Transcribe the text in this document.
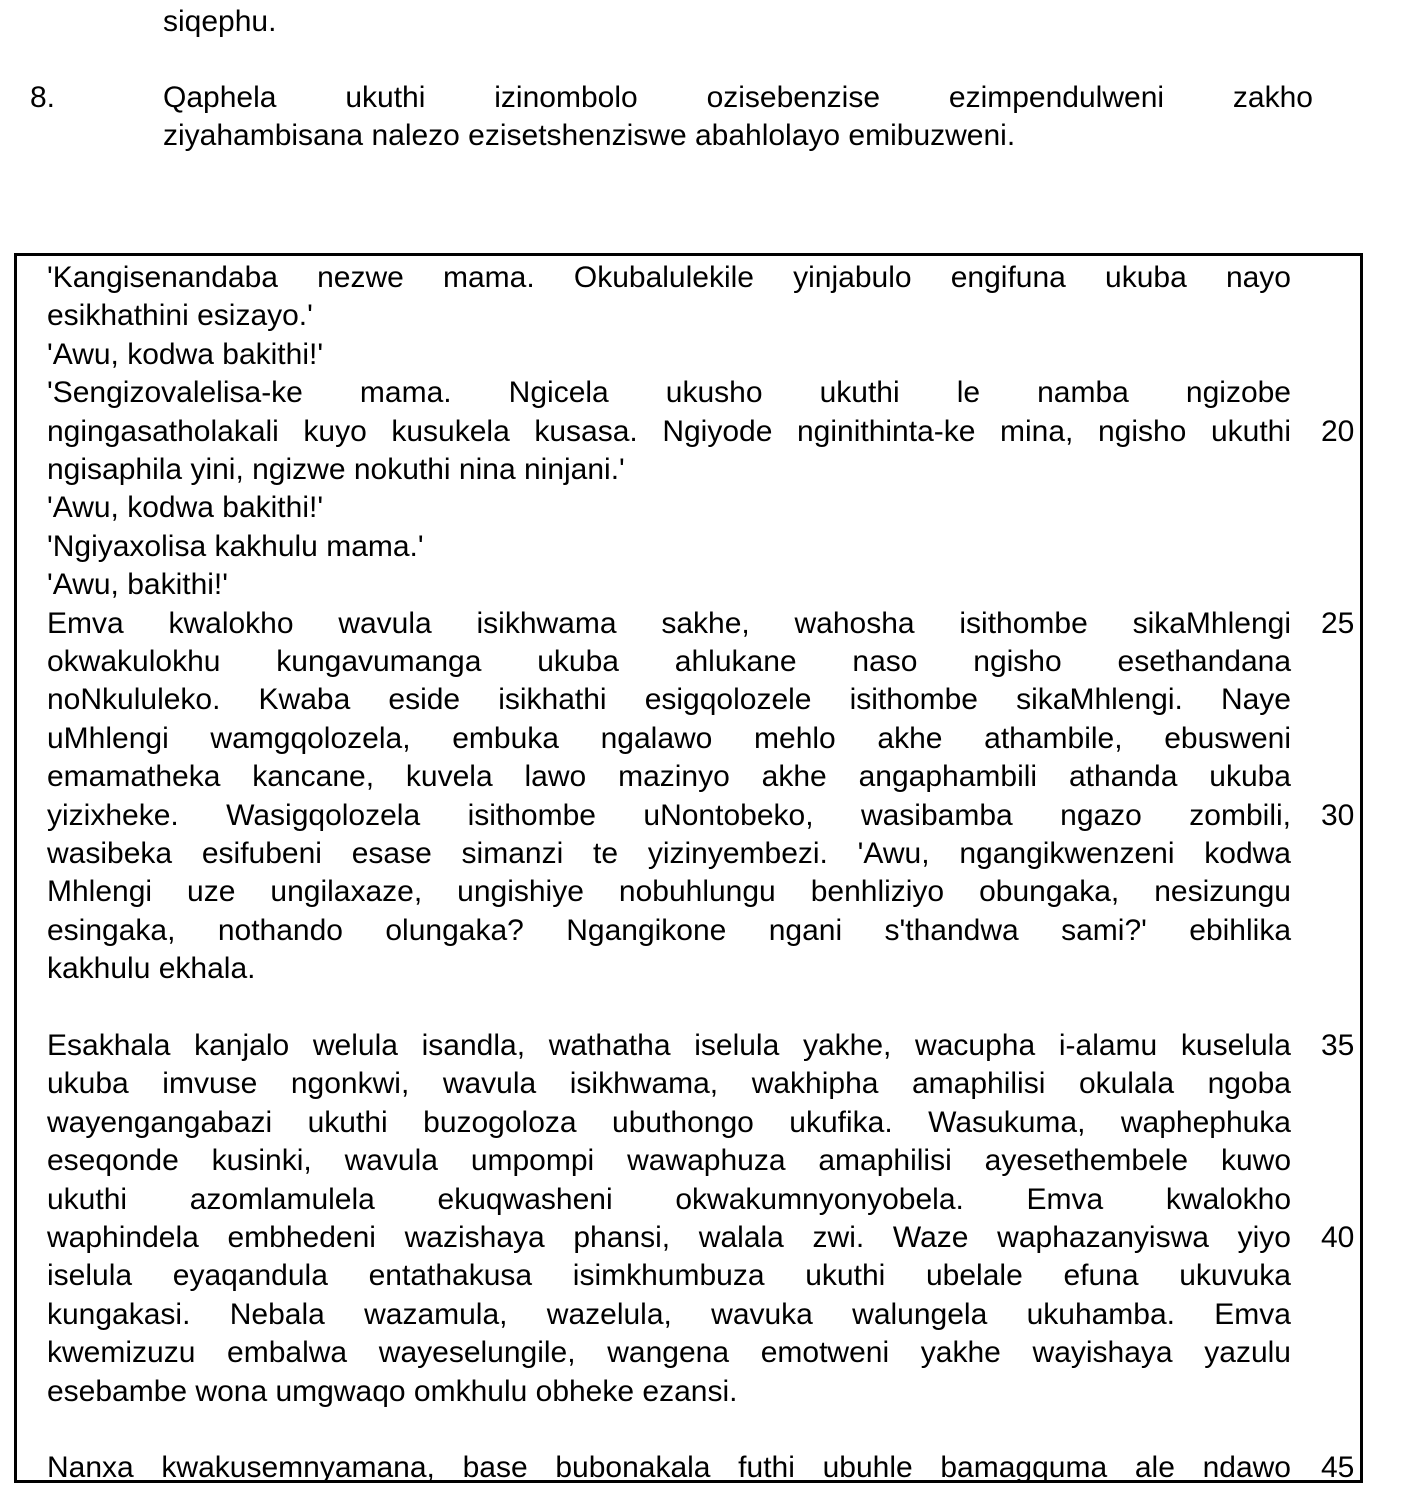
siqephu.
8.	Qaphela ukuthi izinombolo ozisebenzise ezimpendulweni zakho
ziyahambisana nalezo ezisetshenziswe abahlolayo emibuzweni.
'Kangisenandaba nezwe mama. Okubalulekile yinjabulo engifuna ukuba nayo
esikhathini esizayo.'
'Awu, kodwa bakithi!'
'Sengizovalelisa-ke mama. Ngicela ukusho ukuthi le namba ngizobe
ngingasatholakali kuyo kusukela kusasa. Ngiyode nginithinta-ke mina, ngisho ukuthi
ngisaphila yini, ngizwe nokuthi nina ninjani.'
'Awu, kodwa bakithi!'
'Ngiyaxolisa kakhulu mama.'
'Awu, bakithi!'
Emva kwalokho wavula isikhwama sakhe, wahosha isithombe sikaMhlengi
okwakulokhu kungavumanga ukuba ahlukane naso ngisho esethandana
noNkululeko. Kwaba eside isikhathi esigqolozele isithombe sikaMhlengi. Naye
uMhlengi wamgqolozela, embuka ngalawo mehlo akhe athambile, ebusweni
emamatheka kancane, kuvela lawo mazinyo akhe angaphambili athanda ukuba
yizixheke. Wasigqolozela isithombe uNontobeko, wasibamba ngazo zombili,
wasibeka esifubeni esase simanzi te yizinyembezi. 'Awu, ngangikwenzeni kodwa
Mhlengi uze ungilaxaze, ungishiye nobuhlungu benhliziyo obungaka, nesizungu
esingaka, nothando olungaka? Ngangikone ngani s'thandwa sami?' ebihlika
kakhulu ekhala.
Esakhala kanjalo welula isandla, wathatha iselula yakhe, wacupha i-alamu kuselula
ukuba imvuse ngonkwi, wavula isikhwama, wakhipha amaphilisi okulala ngoba
wayengangabazi ukuthi buzogoloza ubuthongo ukufika. Wasukuma, waphephuka
eseqonde kusinki, wavula umpompi wawaphuza amaphilisi ayesethembele kuwo
ukuthi azomlamulela ekuqwasheni okwakumnyonyobela. Emva kwalokho
waphindela embhedeni wazishaya phansi, walala zwi. Waze waphazanyiswa yiyo
iselula eyaqandula entathakusa isimkhumbuza ukuthi ubelale efuna ukuvuka
kungakasi. Nebala wazamula, wazelula, wavuka walungela ukuhamba. Emva
kwemizuzu embalwa wayeselungile, wangena emotweni yakhe wayishaya yazulu
esebambe wona umgwaqo omkhulu obheke ezansi.
Nanxa kwakusemnyamana, base bubonakala futhi ubuhle bamagquma ale ndawo
20
25
30
35
40
45
